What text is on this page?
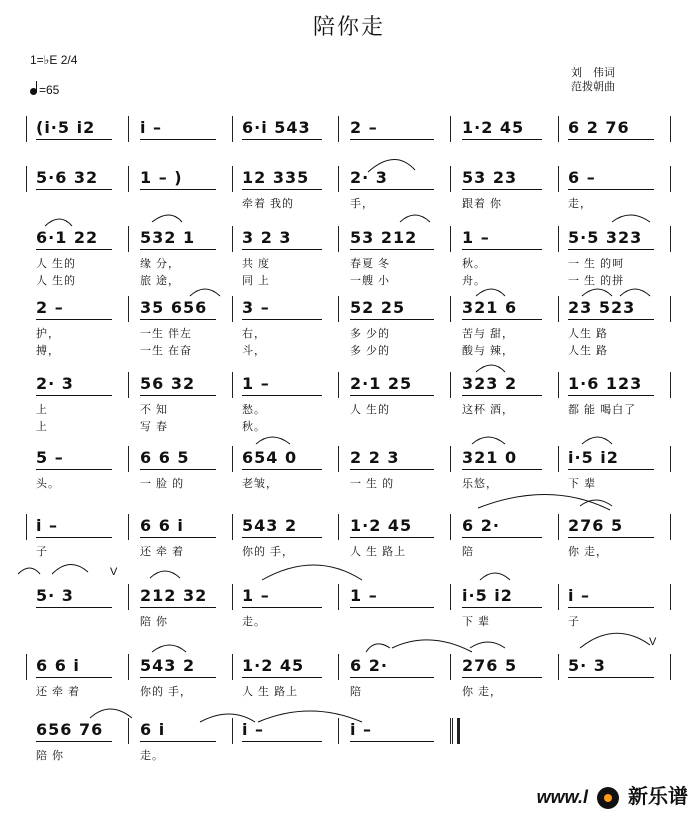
陪你走
1=♭E 2/4
=65
刘　伟词
范拨朝曲
(i·5 i2	i –	6·i 543 2 –	1·2 45	6 2 76
5·6 32	1 – )	12 335
牵着 我的
2· 3
手，
53 23
跟着 你
6 –
走，
6·1 22
人 生的
人 生的
532 1
缘 分，
旅 途，
3 2 3
共 度
同 上
53 212
春夏 冬
一艘 小
1 –
秋。
舟。
5·5 323
一 生 的呵
一 生 的拼
2 –
护，
搏，
35 656
一生 伴左
一生 在奋
3 –
右，
斗，
52 25
多 少的
多 少的
321 6
苦与 甜，
酸与 辣，
23 523
人生 路
人生 路
2· 3
上
上
56 32
不 知
写 春
1 –
愁。
秋。
2·1 25
人 生的
323 2
这杯 酒，
1·6 123
都 能 喝白了
5 –
头。
6 6 5
一 脸 的
654 0
老皱，
2 2 3
一 生 的
321 0
乐悠，
i·5 i2
下 辈
i –
子
6 6 i
还 牵 着
543 2
你的 手，
1·2 45
人 生 路上
6 2·
陪
276 5
你 走，
5· 3	212 32
陪 你
1 –
走。
1 –	i·5 i2
下 辈
i –
子
6 6 i
还 牵 着
543 2
你的 手，
1·2 45
人 生 路上
6 2·
陪
276 5
你 走，
5· 3
656 76
陪 你
6 i
走。
i –	i –
V
V
www.l 新乐谱
